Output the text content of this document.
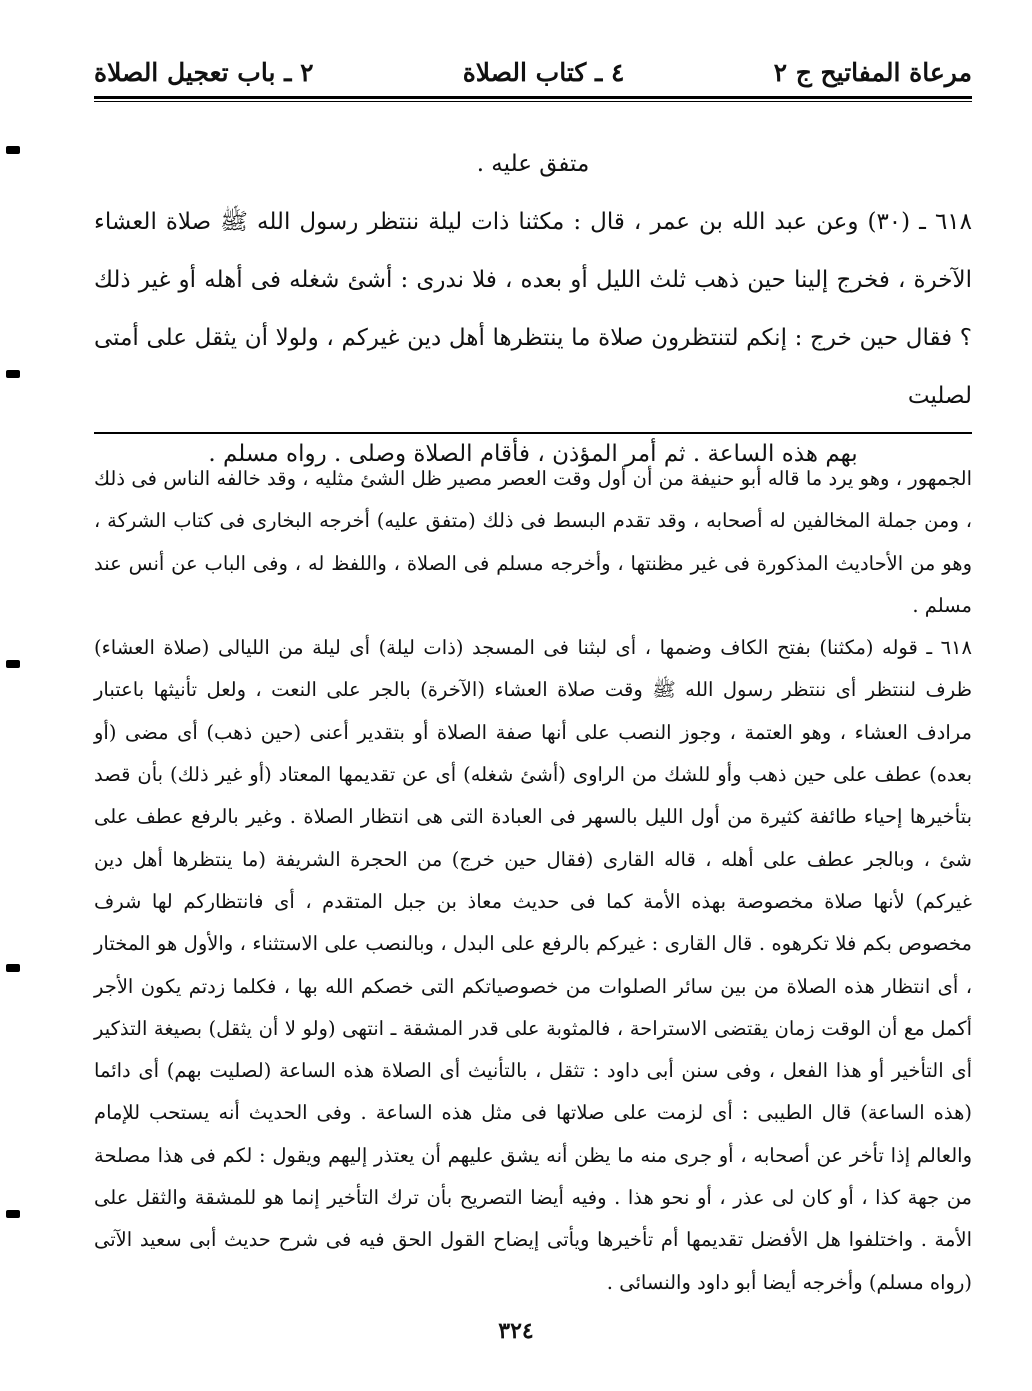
مرعاة المفاتيح ج ٢
٤ ـ كتاب الصلاة
٢ ـ باب تعجيل الصلاة

متفق عليه .

٦١٨ ـ (٣٠) وعن عبد الله بن عمر ، قال : مكثنا ذات ليلة ننتظر رسول الله ﷺ صلاة العشاء الآخرة ، فخرج إلينا حين ذهب ثلث الليل أو بعده ، فلا ندرى : أشئ شغله فى أهله أو غير ذلك ؟ فقال حين خرج : إنكم لتنتظرون صلاة ما ينتظرها أهل دين غيركم ، ولولا أن يثقل على أمتى لصليت

بهم هذه الساعة . ثم أمر المؤذن ، فأقام الصلاة وصلى . رواه مسلم .

الجمهور ، وهو يرد ما قاله أبو حنيفة من أن أول وقت العصر مصير ظل الشئ مثليه ، وقد خالفه الناس فى ذلك ، ومن جملة المخالفين له أصحابه ، وقد تقدم البسط فى ذلك (متفق عليه) أخرجه البخارى فى كتاب الشركة ، وهو من الأحاديث المذكورة فى غير مظنتها ، وأخرجه مسلم فى الصلاة ، واللفظ له ، وفى الباب عن أنس عند مسلم .

٦١٨ ـ قوله (مكثنا) بفتح الكاف وضمها ، أى لبثنا فى المسجد (ذات ليلة) أى ليلة من الليالى (صلاة العشاء) ظرف لننتظر أى ننتظر رسول الله ﷺ وقت صلاة العشاء (الآخرة) بالجر على النعت ، ولعل تأنيثها باعتبار مرادف العشاء ، وهو العتمة ، وجوز النصب على أنها صفة الصلاة أو بتقدير أعنى (حين ذهب) أى مضى (أو بعده) عطف على حين ذهب وأو للشك من الراوى (أشئ شغله) أى عن تقديمها المعتاد (أو غير ذلك) بأن قصد بتأخيرها إحياء طائفة كثيرة من أول الليل بالسهر فى العبادة التى هى انتظار الصلاة . وغير بالرفع عطف على شئ ، وبالجر عطف على أهله ، قاله القارى (فقال حين خرج) من الحجرة الشريفة (ما ينتظرها أهل دين غيركم) لأنها صلاة مخصوصة بهذه الأمة كما فى حديث معاذ بن جبل المتقدم ، أى فانتظاركم لها شرف مخصوص بكم فلا تكرهوه . قال القارى : غيركم بالرفع على البدل ، وبالنصب على الاستثناء ، والأول هو المختار ، أى انتظار هذه الصلاة من بين سائر الصلوات من خصوصياتكم التى خصكم الله بها ، فكلما زدتم يكون الأجر أكمل مع أن الوقت زمان يقتضى الاستراحة ، فالمثوبة على قدر المشقة ـ انتهى (ولو لا أن يثقل) بصيغة التذكير أى التأخير أو هذا الفعل ، وفى سنن أبى داود : تثقل ، بالتأنيث أى الصلاة هذه الساعة (لصليت بهم) أى دائما (هذه الساعة) قال الطيبى : أى لزمت على صلاتها فى مثل هذه الساعة . وفى الحديث أنه يستحب للإمام والعالم إذا تأخر عن أصحابه ، أو جرى منه ما يظن أنه يشق عليهم أن يعتذر إليهم ويقول : لكم فى هذا مصلحة من جهة كذا ، أو كان لى عذر ، أو نحو هذا . وفيه أيضا التصريح بأن ترك التأخير إنما هو للمشقة والثقل على الأمة . واختلفوا هل الأفضل تقديمها أم تأخيرها ويأتى إيضاح القول الحق فيه فى شرح حديث أبى سعيد الآتى (رواه مسلم) وأخرجه أيضا أبو داود والنسائى .

٣٢٤
